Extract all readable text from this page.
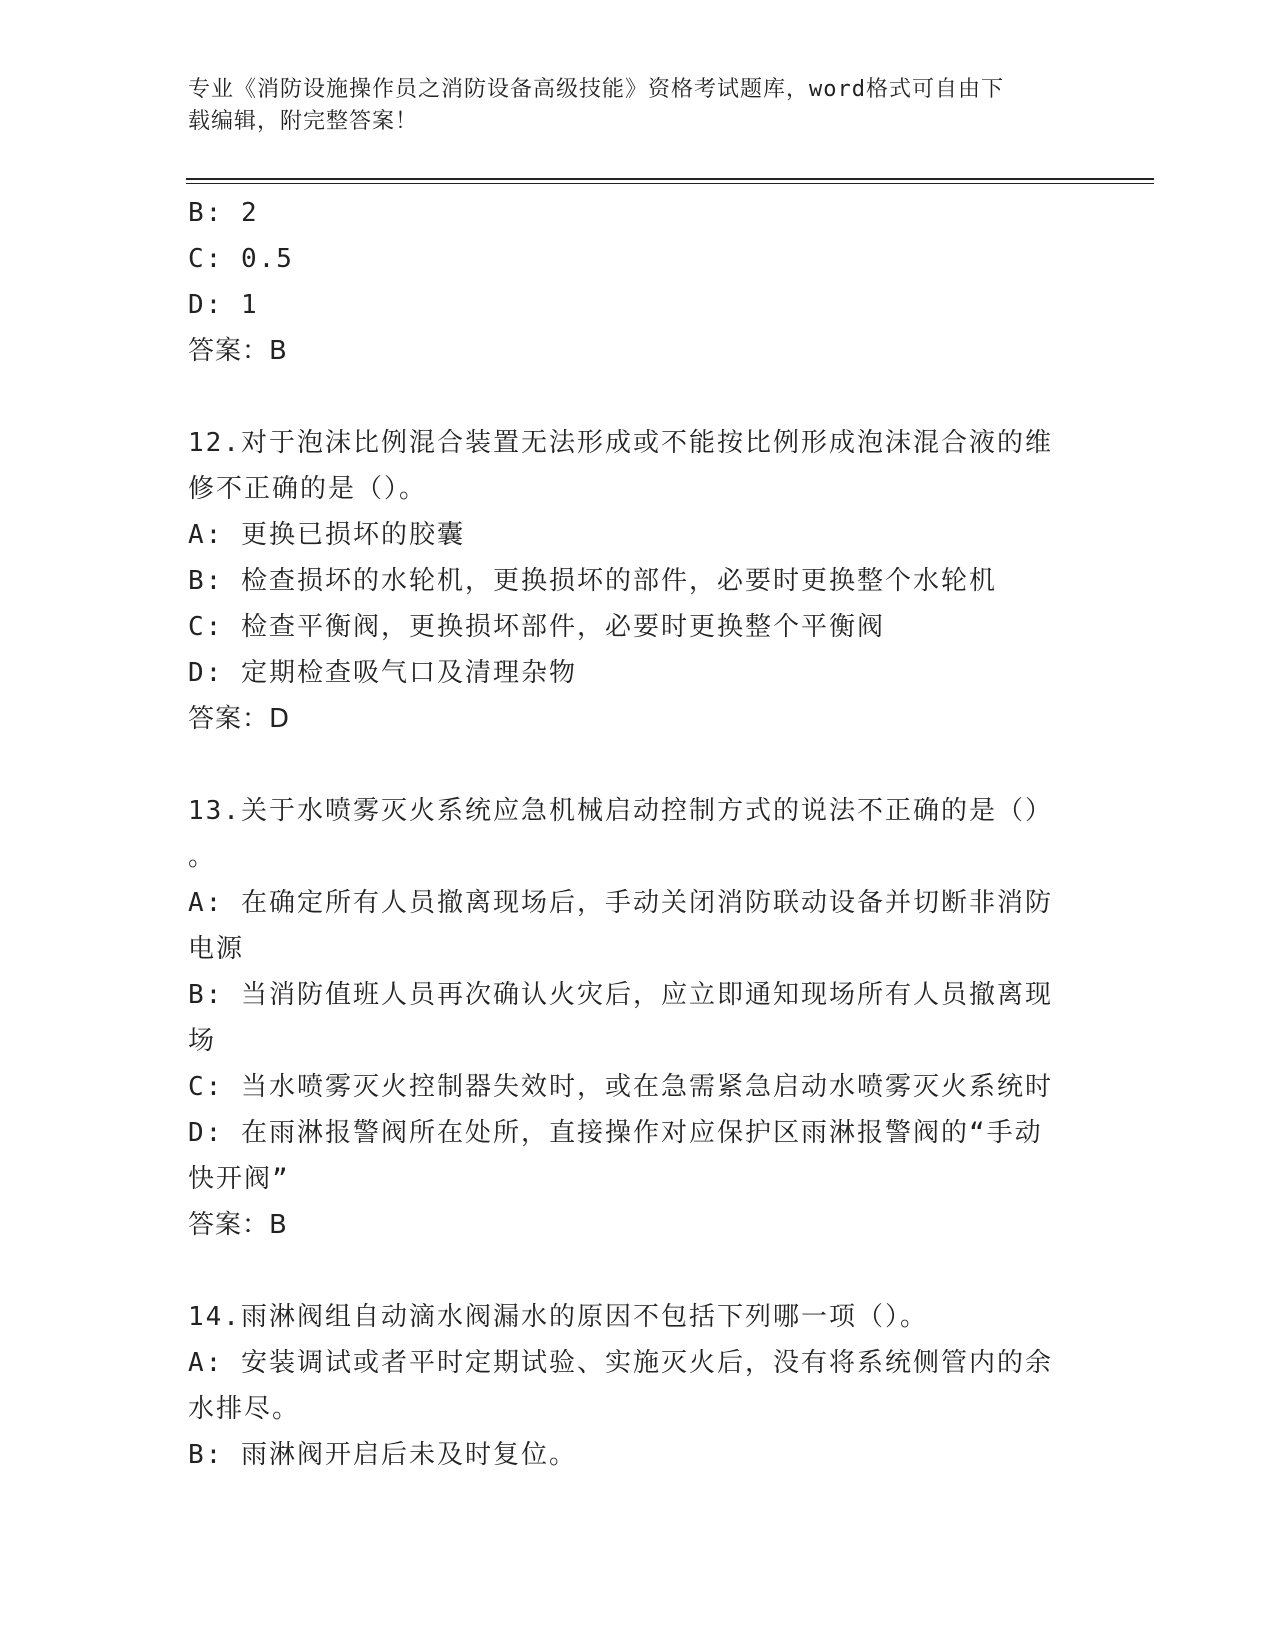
专业《消防设施操作员之消防设备高级技能》资格考试题库，word格式可自由下
载编辑，附完整答案！
B: 2
C: 0.5
D: 1
答案：B
12.对于泡沫比例混合装置无法形成或不能按比例形成泡沫混合液的维
修不正确的是（）。
A: 更换已损坏的胶囊
B: 检查损坏的水轮机，更换损坏的部件，必要时更换整个水轮机
C: 检查平衡阀，更换损坏部件，必要时更换整个平衡阀
D: 定期检查吸气口及清理杂物
答案：D
13.关于水喷雾灭火系统应急机械启动控制方式的说法不正确的是（）
。
A: 在确定所有人员撤离现场后，手动关闭消防联动设备并切断非消防
电源
B: 当消防值班人员再次确认火灾后，应立即通知现场所有人员撤离现
场
C: 当水喷雾灭火控制器失效时，或在急需紧急启动水喷雾灭火系统时
D: 在雨淋报警阀所在处所，直接操作对应保护区雨淋报警阀的“手动
快开阀”
答案：B
14.雨淋阀组自动滴水阀漏水的原因不包括下列哪一项（）。
A: 安装调试或者平时定期试验、实施灭火后，没有将系统侧管内的余
水排尽。
B: 雨淋阀开启后未及时复位。
